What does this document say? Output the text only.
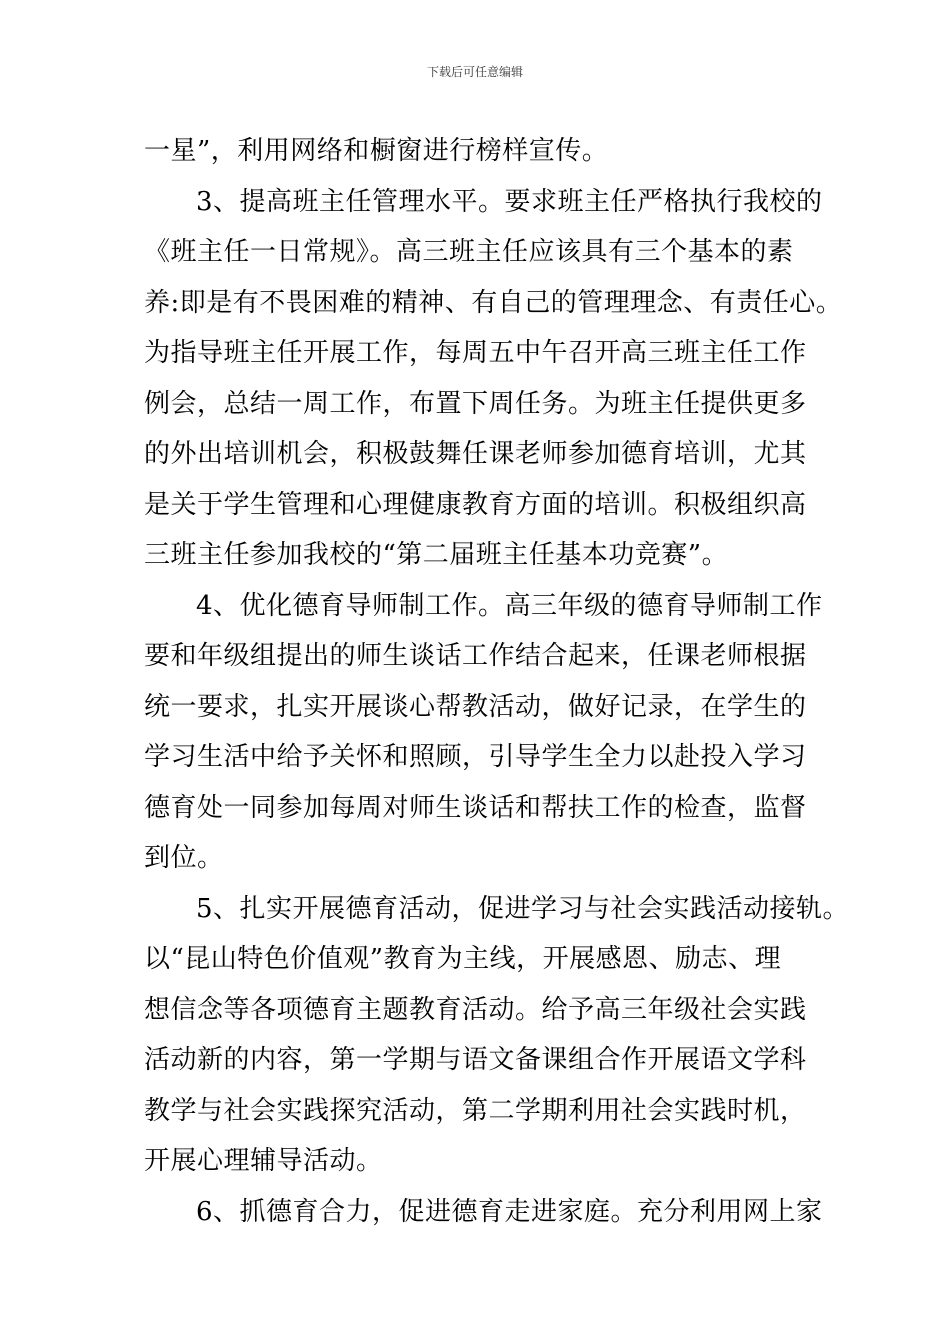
下载后可任意编辑
一星”，利用网络和橱窗进行榜样宣传。
3、提高班主任管理水平。要求班主任严格执行我校的
《班主任一日常规》。高三班主任应该具有三个基本的素
养:即是有不畏困难的精神、有自己的管理理念、有责任心。
为指导班主任开展工作，每周五中午召开高三班主任工作
例会，总结一周工作，布置下周任务。为班主任提供更多
的外出培训机会，积极鼓舞任课老师参加德育培训，尤其
是关于学生管理和心理健康教育方面的培训。积极组织高
三班主任参加我校的“第二届班主任基本功竞赛”。
4、优化德育导师制工作。高三年级的德育导师制工作
要和年级组提出的师生谈话工作结合起来，任课老师根据
统一要求，扎实开展谈心帮教活动，做好记录，在学生的
学习生活中给予关怀和照顾，引导学生全力以赴投入学习
德育处一同参加每周对师生谈话和帮扶工作的检查，监督
到位。
5、扎实开展德育活动，促进学习与社会实践活动接轨。
以“昆山特色价值观”教育为主线，开展感恩、励志、理
想信念等各项德育主题教育活动。给予高三年级社会实践
活动新的内容，第一学期与语文备课组合作开展语文学科
教学与社会实践探究活动，第二学期利用社会实践时机，
开展心理辅导活动。
6、抓德育合力，促进德育走进家庭。充分利用网上家
